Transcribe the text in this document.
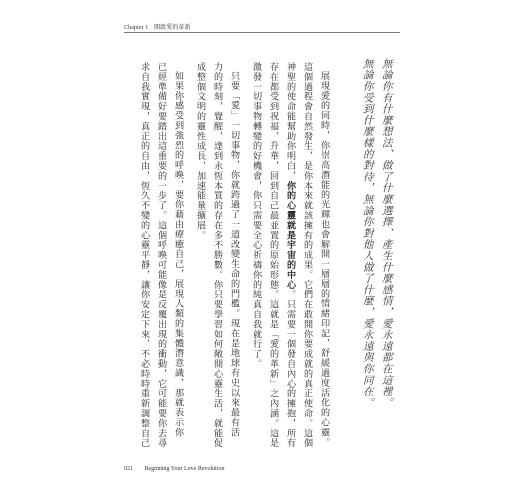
Chapter 1 開啟愛的革新
無論你有什麼想法、做了什麼選擇、產生什麼感情，愛永遠都在這裡。
無論你受到什麼樣的對待，無論你對他人做了什麼，愛永遠與你同在。
展現愛的同時，你崇高潛能的光輝也會解開一層層的情緒印記，舒緩過度活化的心靈。
這個過程會自然發生，是你本來就該擁有的成果。它們在敢開你要成就的真正使命。這個
神聖的使命能幫助你明白，你的心靈就是宇宙的中心。只需要一個發自內心的擁抱，所有
存在都受到祝福，升華，回到自己最並置的原始形態。這就是「愛的革新」之內涵。這是
激發一切事物轉變的好機會，你只需要全心祈禱你的純真自我就行了。
只要「愛」一切事物，你就跨過了一道改變生命的門檻。現在是地球有史以來最有活
力的時刻，覺醒，達到永恆本質的存在多不勝數。你只要學習如何敞開心靈生活，就能促
成整個文明的靈性成長，加速能量擴展。
如果你感受到強烈的呼喚，要你藉由療癒自己，展現人類的集體潛意識，那就表示你
已經準備好要踏出這重要的一步了。這個呼喚可能像是反覆出現的衝動，它可能要你去尋
求自我實現，真正的自由，恆久不變的心靈平靜，讓你安定下來，不必時時重新調整自己
021 Beginning Your Love Revolution
